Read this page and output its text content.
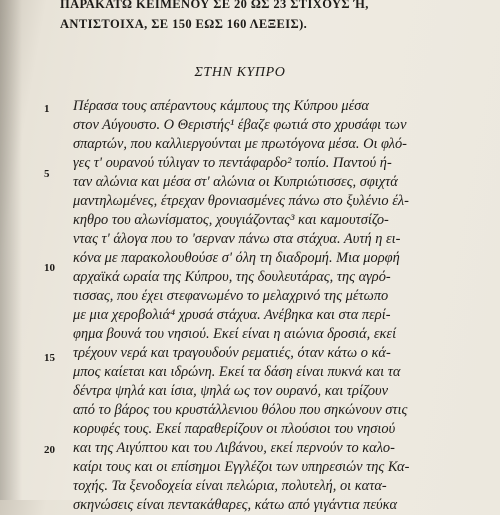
ΠΑΡΑΚΑΤΩ ΚΕΙΜΕΝΟΥ ΣΕ 20 ΩΣ 23 ΣΤΙΧΟΥΣ Ή,
ΑΝΤΙΣΤΟΙΧΑ, ΣΕ 150 ΕΩΣ 160 ΛΕΞΕΙΣ).
ΣΤΗΝ ΚΥΠΡΟ
1
5
10
15
20
Πέρασα τους απέραντους κάμπους της Κύπρου μέσα
στον Αύγουστο. Ο Θεριστής¹ έβαζε φωτιά στο χρυσάφι των
σπαρτών, που καλλιεργούνται με πρωτόγονα μέσα. Οι φλό-
γες τ' ουρανού τύλιγαν το πεντάφαρδο² τοπίο. Παντού ή-
ταν αλώνια και μέσα στ' αλώνια οι Κυπριώτισσες, σφιχτά
μαντηλωμένες, έτρεχαν θρονιασμένες πάνω στο ξυλένιο έλ-
κηθρο του αλωνίσματος, χουγιάζοντας³ και καμουτσίζο-
ντας τ' άλογα που το 'σερναν πάνω στα στάχυα. Αυτή η ει-
κόνα με παρακολουθούσε σ' όλη τη διαδρομή. Μια μορφή
αρχαϊκά ωραία της Κύπρου, της δουλευτάρας, της αγρό-
τισσας, που έχει στεφανωμένο το μελαχρινό της μέτωπο
με μια χεροβολιά⁴ χρυσά στάχυα. Ανέβηκα και στα περί-
φημα βουνά του νησιού. Εκεί είναι η αιώνια δροσιά, εκεί
τρέχουν νερά και τραγουδούν ρεματιές, όταν κάτω ο κά-
μπος καίεται και ιδρώνη. Εκεί τα δάση είναι πυκνά και τα
δέντρα ψηλά και ίσια, ψηλά ως τον ουρανό, και τρίζουν
από το βάρος του κρυστάλλενιου θόλου που σηκώνουν στις
κορυφές τους. Εκεί παραθερίζουν οι πλούσιοι του νησιού
και της Αιγύπτου και του Λιβάνου, εκεί περνούν το καλο-
καίρι τους και οι επίσημοι Εγγλέζοι των υπηρεσιών της Κα-
τοχής. Τα ξενοδοχεία είναι πελώρια, πολυτελή, οι κατα-
σκηνώσεις είναι πεντακάθαρες, κάτω από γιγάντια πεύκα
